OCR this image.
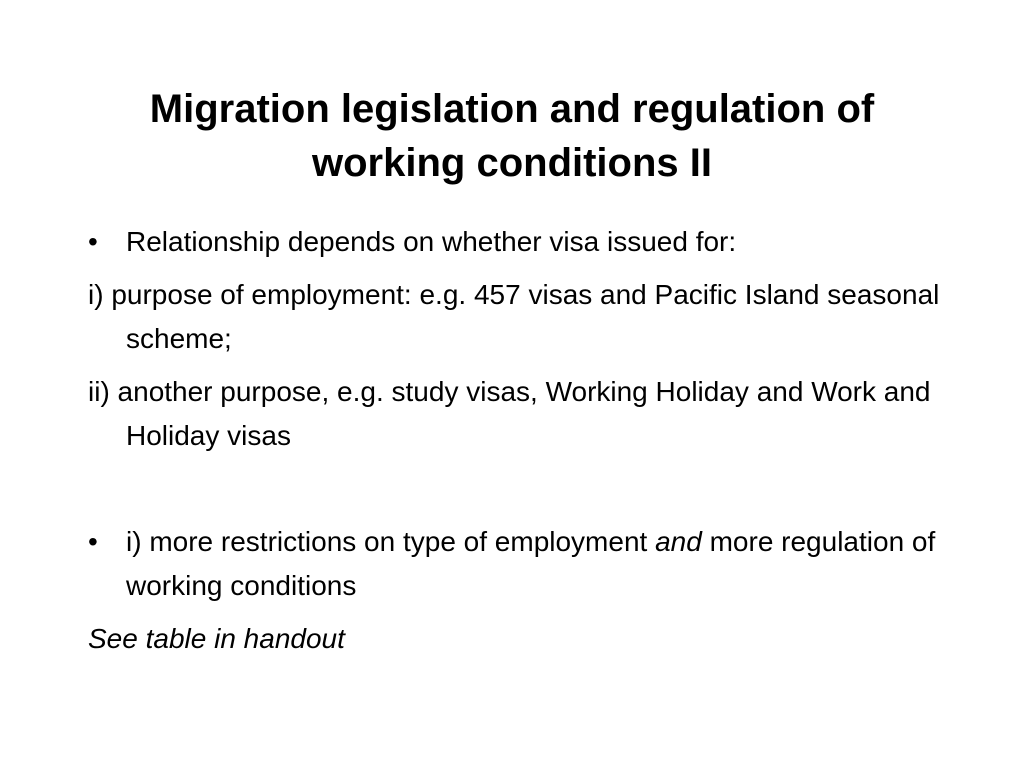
Migration legislation and regulation of
working conditions II

• Relationship depends on whether visa issued for:

i) purpose of employment: e.g. 457 visas and Pacific Island seasonal scheme;

ii) another purpose, e.g. study visas, Working Holiday and Work and Holiday visas

• i) more restrictions on type of employment and more regulation of working conditions

See table in handout
